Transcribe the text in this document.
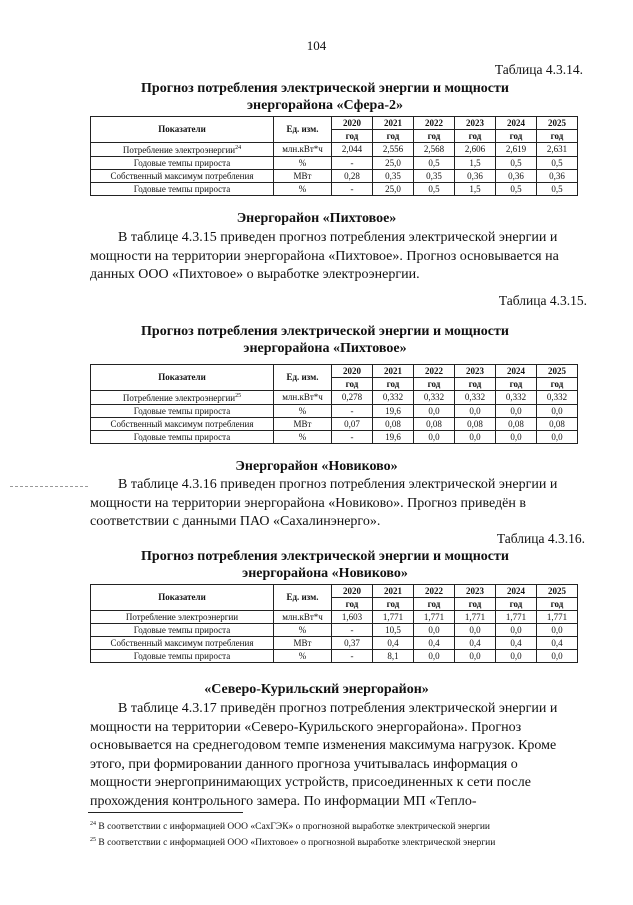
104
Таблица 4.3.14.
Прогноз потребления электрической энергии и мощности
энергорайона «Сфера-2»
Показатели	Ед. изм.	2020	2021	2022	2023	2024	2025
		год	год	год	год	год	год
Потребление электроэнергии$^{24}$	млн.кВт*ч	2,044	2,556	2,568	2,606	2,619	2,631
Годовые темпы прироста	%	-	25,0	0,5	1,5	0,5	0,5
Собственный максимум потребления	МВт	0,28	0,35	0,35	0,36	0,36	0,36
Годовые темпы прироста	%	-	25,0	0,5	1,5	0,5	0,5
Энергорайон «Пихтовое»
В таблице 4.3.15 приведен прогноз потребления электрической энергии и
мощности на территории энергорайона «Пихтовое». Прогноз основывается на
данных ООО «Пихтовое» о выработке электроэнергии.
Таблица 4.3.15.
Прогноз потребления электрической энергии и мощности
энергорайона «Пихтовое»
Показатели	Ед. изм.	2020	2021	2022	2023	2024	2025
		год	год	год	год	год	год
Потребление электроэнергии$^{25}$	млн.кВт*ч	0,278	0,332	0,332	0,332	0,332	0,332
Годовые темпы прироста	%	-	19,6	0,0	0,0	0,0	0,0
Собственный максимум потребления	МВт	0,07	0,08	0,08	0,08	0,08	0,08
Годовые темпы прироста	%	-	19,6	0,0	0,0	0,0	0,0
Энергорайон «Новиково»
В таблице 4.3.16 приведен прогноз потребления электрической энергии и
мощности на территории энергорайона «Новиково». Прогноз приведён в
соответствии с данными ПАО «Сахалинэнерго».
Таблица 4.3.16.
Прогноз потребления электрической энергии и мощности
энергорайона «Новиково»
Показатели	Ед. изм.	2020	2021	2022	2023	2024	2025
		год	год	год	год	год	год
Потребление электроэнергии	млн.кВт*ч	1,603	1,771	1,771	1,771	1,771	1,771
Годовые темпы прироста	%	-	10,5	0,0	0,0	0,0	0,0
Собственный максимум потребления	МВт	0,37	0,4	0,4	0,4	0,4	0,4
Годовые темпы прироста	%	-	8,1	0,0	0,0	0,0	0,0
«Северо-Курильский энергорайон»
В таблице 4.3.17 приведён прогноз потребления электрической энергии и
мощности на территории «Северо-Курильского энергорайона». Прогноз
основывается на среднегодовом темпе изменения максимума нагрузок. Кроме
этого, при формировании данного прогноза учитывалась информация о
мощности энергопринимающих устройств, присоединенных к сети после
прохождения контрольного замера. По информации МП «Тепло-
$^{24}$ В соответствии с информацией ООО «СахГЭК» о прогнозной выработке электрической энергии
$^{25}$ В соответствии с информацией ООО «Пихтовое» о прогнозной выработке электрической энергии
